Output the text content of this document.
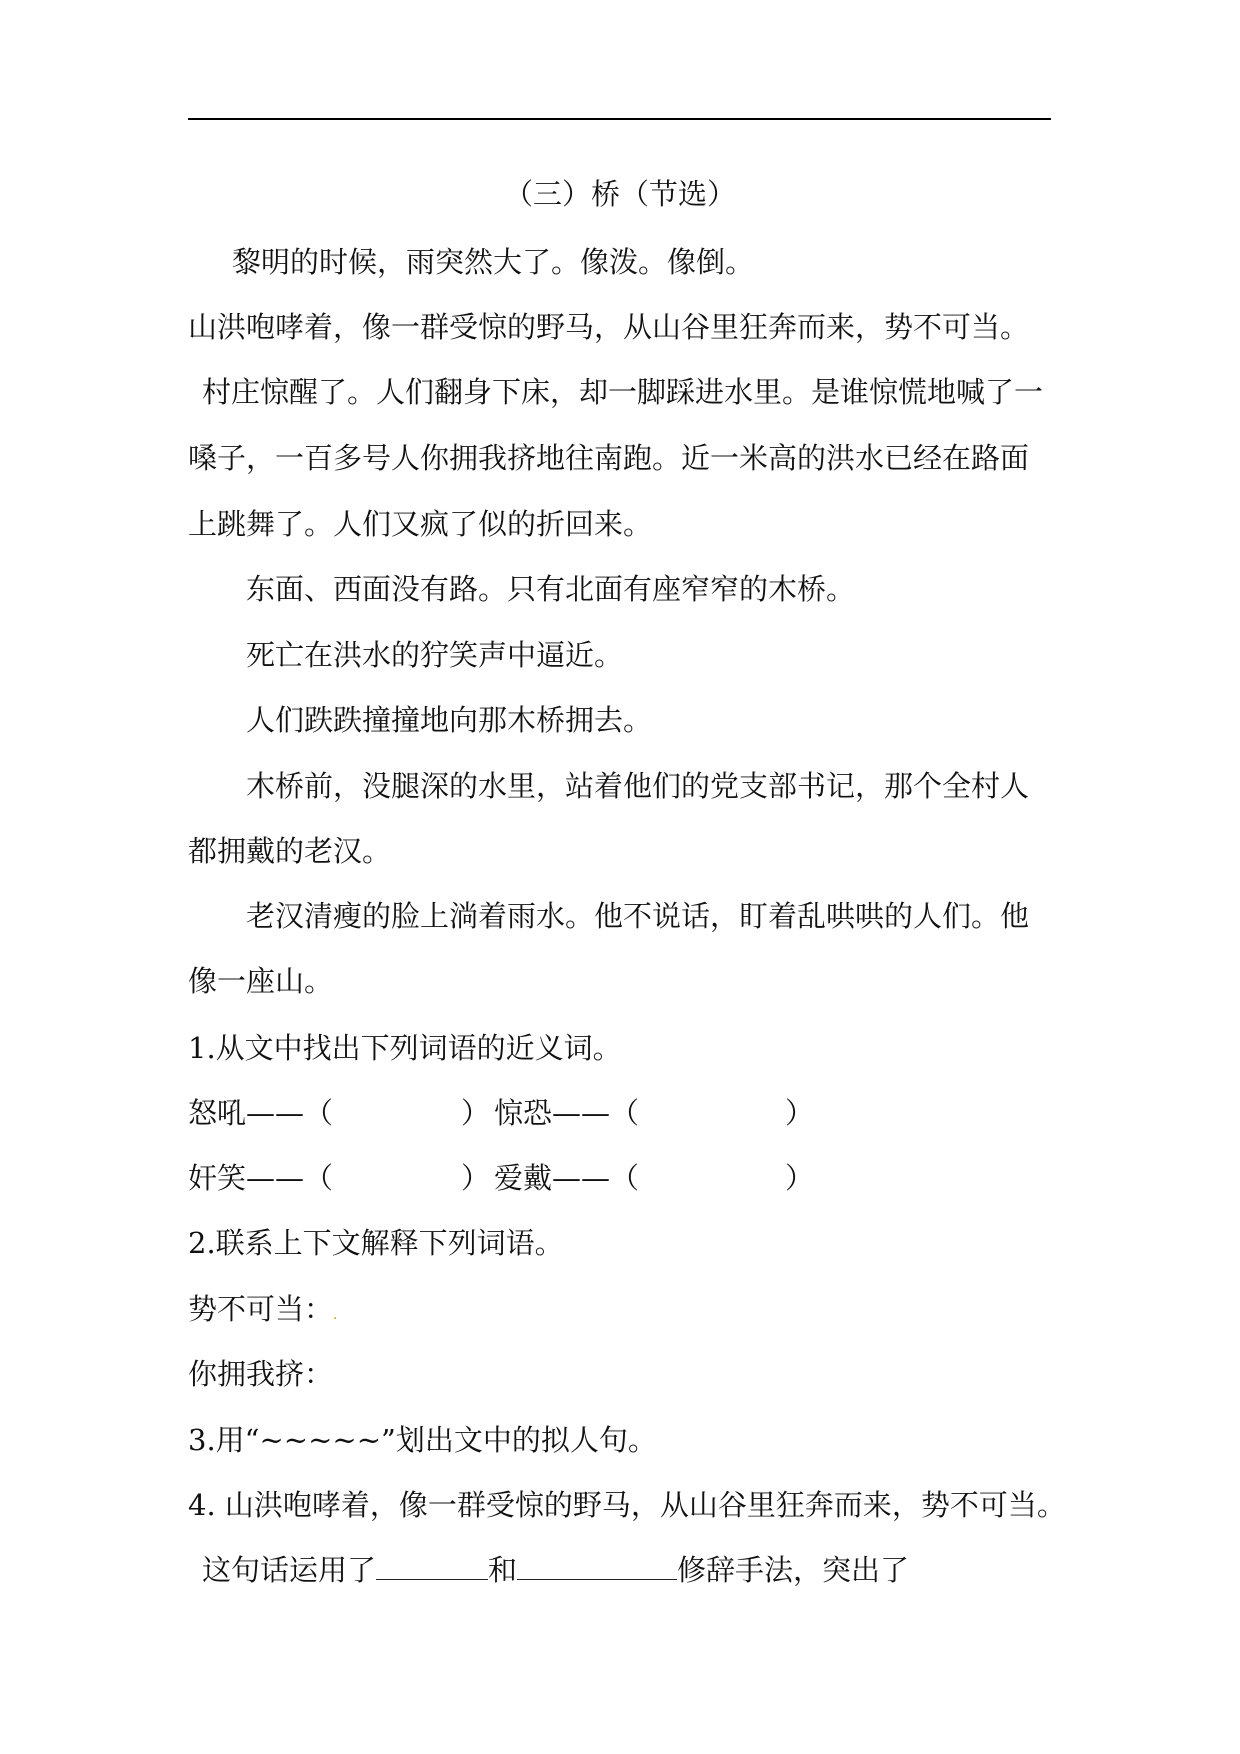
（三）桥（节选）
黎明的时候，雨突然大了。像泼。像倒。
山洪咆哮着，像一群受惊的野马，从山谷里狂奔而来，势不可当。
村庄惊醒了。人们翻身下床，却一脚踩进水里。是谁惊慌地喊了一
嗓子，一百多号人你拥我挤地往南跑。近一米高的洪水已经在路面
上跳舞了。人们又疯了似的折回来。
东面、西面没有路。只有北面有座窄窄的木桥。
死亡在洪水的狞笑声中逼近。
人们跌跌撞撞地向那木桥拥去。
木桥前，没腿深的水里，站着他们的党支部书记，那个全村人
都拥戴的老汉。
老汉清瘦的脸上淌着雨水。他不说话，盯着乱哄哄的人们。他
像一座山。
1.从文中找出下列词语的近义词。
怒吼——（	） 惊恐——（	）
奸笑——（	） 爱戴——（	）
2.联系上下文解释下列词语。
势不可当：.
你拥我挤：
3.用“~~~~~”划出文中的拟人句。
4. 山洪咆哮着，像一群受惊的野马，从山谷里狂奔而来，势不可当。
这句话运用了	和	修辞手法，突出了
